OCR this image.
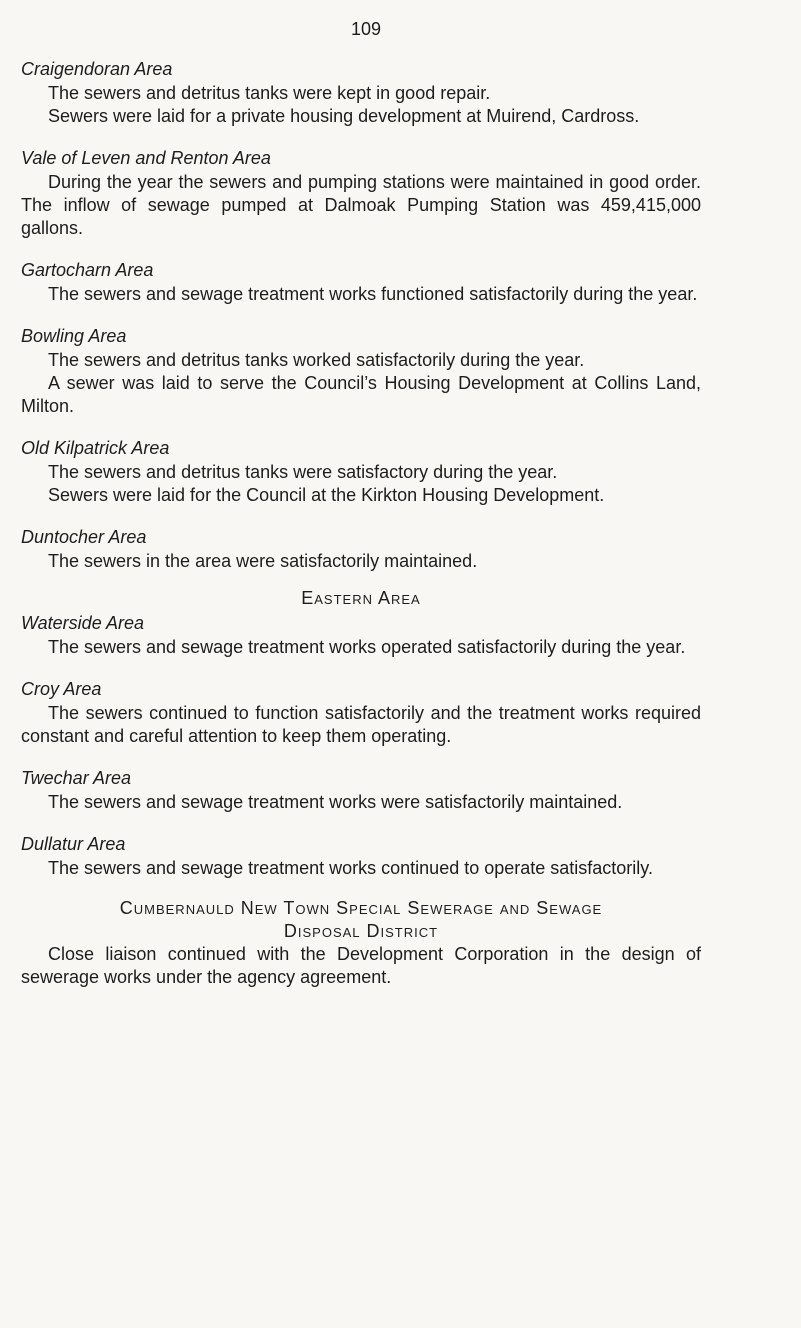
109
Craigendoran Area

The sewers and detritus tanks were kept in good repair.

Sewers were laid for a private housing development at Muirend, Cardross.

Vale of Leven and Renton Area

During the year the sewers and pumping stations were maintained in good order. The inflow of sewage pumped at Dalmoak Pumping Station was 459,415,000 gallons.

Gartocharn Area

The sewers and sewage treatment works functioned satisfactorily during the year.

Bowling Area

The sewers and detritus tanks worked satisfactorily during the year.

A sewer was laid to serve the Council’s Housing Development at Collins Land, Milton.

Old Kilpatrick Area

The sewers and detritus tanks were satisfactory during the year.

Sewers were laid for the Council at the Kirkton Housing Development.

Duntocher Area

The sewers in the area were satisfactorily maintained.

Eastern Area
Waterside Area

The sewers and sewage treatment works operated satisfactorily during the year.

Croy Area

The sewers continued to function satisfactorily and the treatment works required constant and careful attention to keep them operating.

Twechar Area

The sewers and sewage treatment works were satisfactorily maintained.

Dullatur Area

The sewers and sewage treatment works continued to operate satisfactorily.

Cumbernauld New Town Special Sewerage and Sewage
Disposal District

Close liaison continued with the Development Corporation in the design of sewerage works under the agency agreement.
